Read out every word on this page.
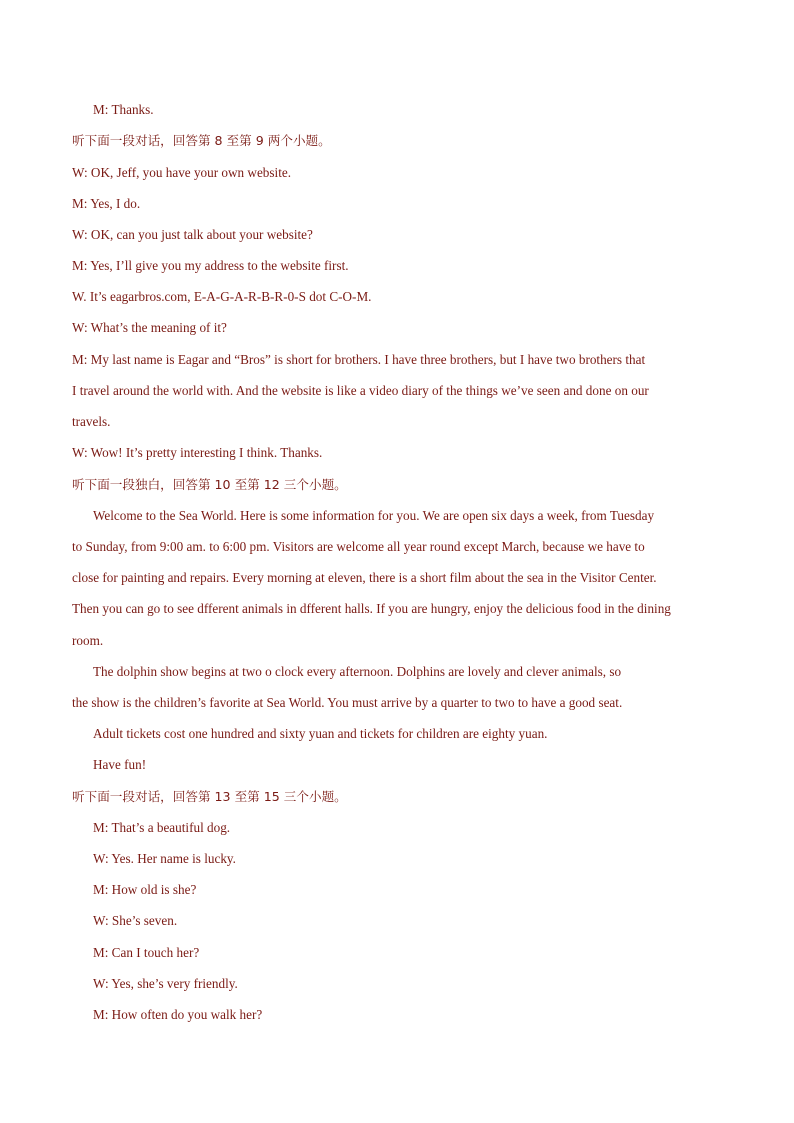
M: Thanks.
听下面一段对话，回答第 8 至第 9 两个小题。
W: OK, Jeff, you have your own website.
M: Yes, I do.
W: OK, can you just talk about your website?
M: Yes, I’ll give you my address to the website first.
W. It’s eagarbros.com, E-A-G-A-R-B-R-0-S dot C-O-M.
W: What’s the meaning of it?
M: My last name is Eagar and “Bros” is short for brothers. I have three brothers, but I have two brothers that
I travel around the world with. And the website is like a video diary of the things we’ve seen and done on our
travels.
W: Wow! It’s pretty interesting I think. Thanks.
听下面一段独白，回答第 10 至第 12 三个小题。
Welcome to the Sea World. Here is some information for you. We are open six days a week, from Tuesday
to Sunday, from 9:00 am. to 6:00 pm. Visitors are welcome all year round except March, because we have to
close for painting and repairs. Every morning at eleven, there is a short film about the sea in the Visitor Center.
Then you can go to see dfferent animals in dfferent halls. If you are hungry, enjoy the delicious food in the dining
room.
The dolphin show begins at two o clock every afternoon. Dolphins are lovely and clever animals, so
the show is the children’s favorite at Sea World. You must arrive by a quarter to two to have a good seat.
Adult tickets cost one hundred and sixty yuan and tickets for children are eighty yuan.
Have fun!
听下面一段对话，回答第 13 至第 15 三个小题。
M: That’s a beautiful dog.
W: Yes. Her name is lucky.
M: How old is she?
W: She’s seven.
M: Can I touch her?
W: Yes, she’s very friendly.
M: How often do you walk her?
